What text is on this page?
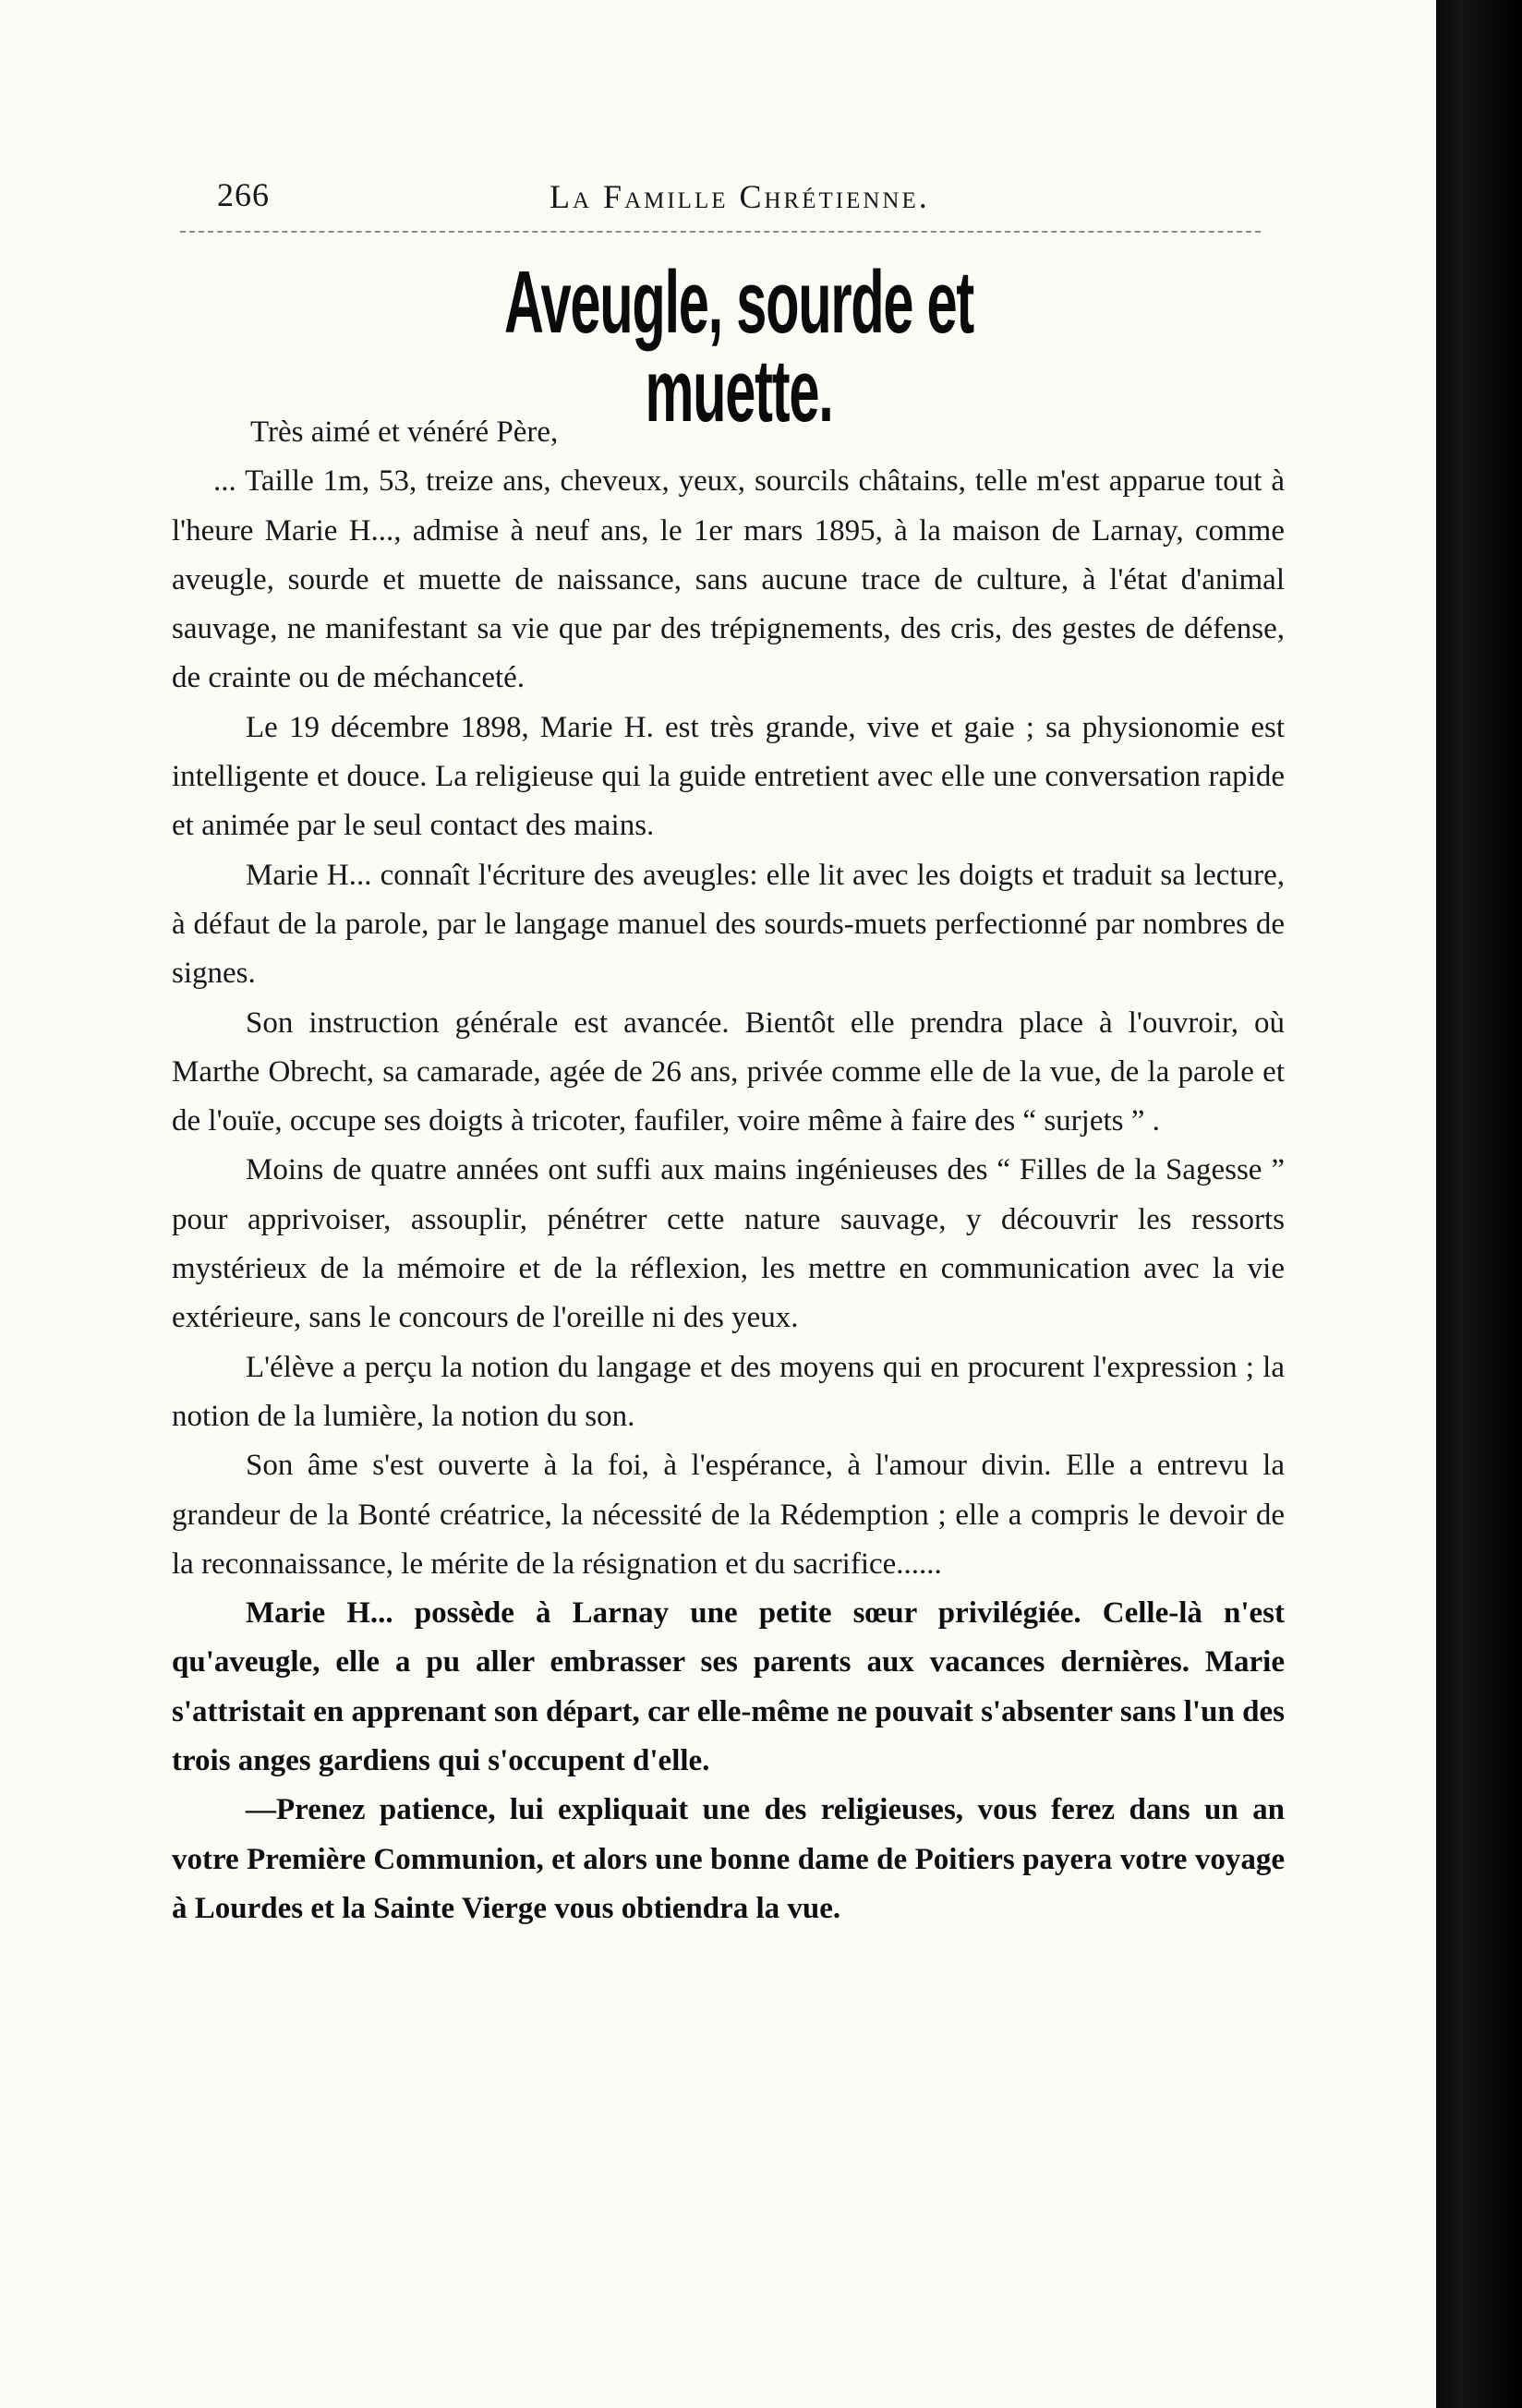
266	La Famille Chrétienne.
Aveugle, sourde et muette.

Très aimé et vénéré Père,

... Taille 1m, 53, treize ans, cheveux, yeux, sourcils châtains, telle m'est apparue tout à l'heure Marie H..., admise à neuf ans, le 1er mars 1895, à la maison de Larnay, comme aveugle, sourde et muette de naissance, sans aucune trace de culture, à l'état d'animal sauvage, ne manifestant sa vie que par des trépignements, des cris, des gestes de défense, de crainte ou de méchanceté.

Le 19 décembre 1898, Marie H. est très grande, vive et gaie ; sa physionomie est intelligente et douce. La religieuse qui la guide entretient avec elle une conversation rapide et animée par le seul contact des mains.

Marie H... connaît l'écriture des aveugles: elle lit avec les doigts et traduit sa lecture, à défaut de la parole, par le langage manuel des sourds-muets perfectionné par nombres de signes.

Son instruction générale est avancée. Bientôt elle prendra place à l'ouvroir, où Marthe Obrecht, sa camarade, agée de 26 ans, privée comme elle de la vue, de la parole et de l'ouïe, occupe ses doigts à tricoter, faufiler, voire même à faire des “ surjets ” .

Moins de quatre années ont suffi aux mains ingénieuses des “ Filles de la Sagesse ” pour apprivoiser, assouplir, pénétrer cette nature sauvage, y découvrir les ressorts mystérieux de la mémoire et de la réflexion, les mettre en communication avec la vie extérieure, sans le concours de l'oreille ni des yeux.

L'élève a perçu la notion du langage et des moyens qui en procurent l'expression ; la notion de la lumière, la notion du son.

Son âme s'est ouverte à la foi, à l'espérance, à l'amour divin. Elle a entrevu la grandeur de la Bonté créatrice, la nécessité de la Rédemption ; elle a compris le devoir de la reconnaissance, le mérite de la résignation et du sacrifice......

Marie H... possède à Larnay une petite sœur privilégiée. Celle-là n'est qu'aveugle, elle a pu aller embrasser ses parents aux vacances dernières. Marie s'attristait en apprenant son départ, car elle-même ne pouvait s'absenter sans l'un des trois anges gardiens qui s'occupent d'elle.

—Prenez patience, lui expliquait une des religieuses, vous ferez dans un an votre Première Communion, et alors une bonne dame de Poitiers payera votre voyage à Lourdes et la Sainte Vierge vous obtiendra la vue.
